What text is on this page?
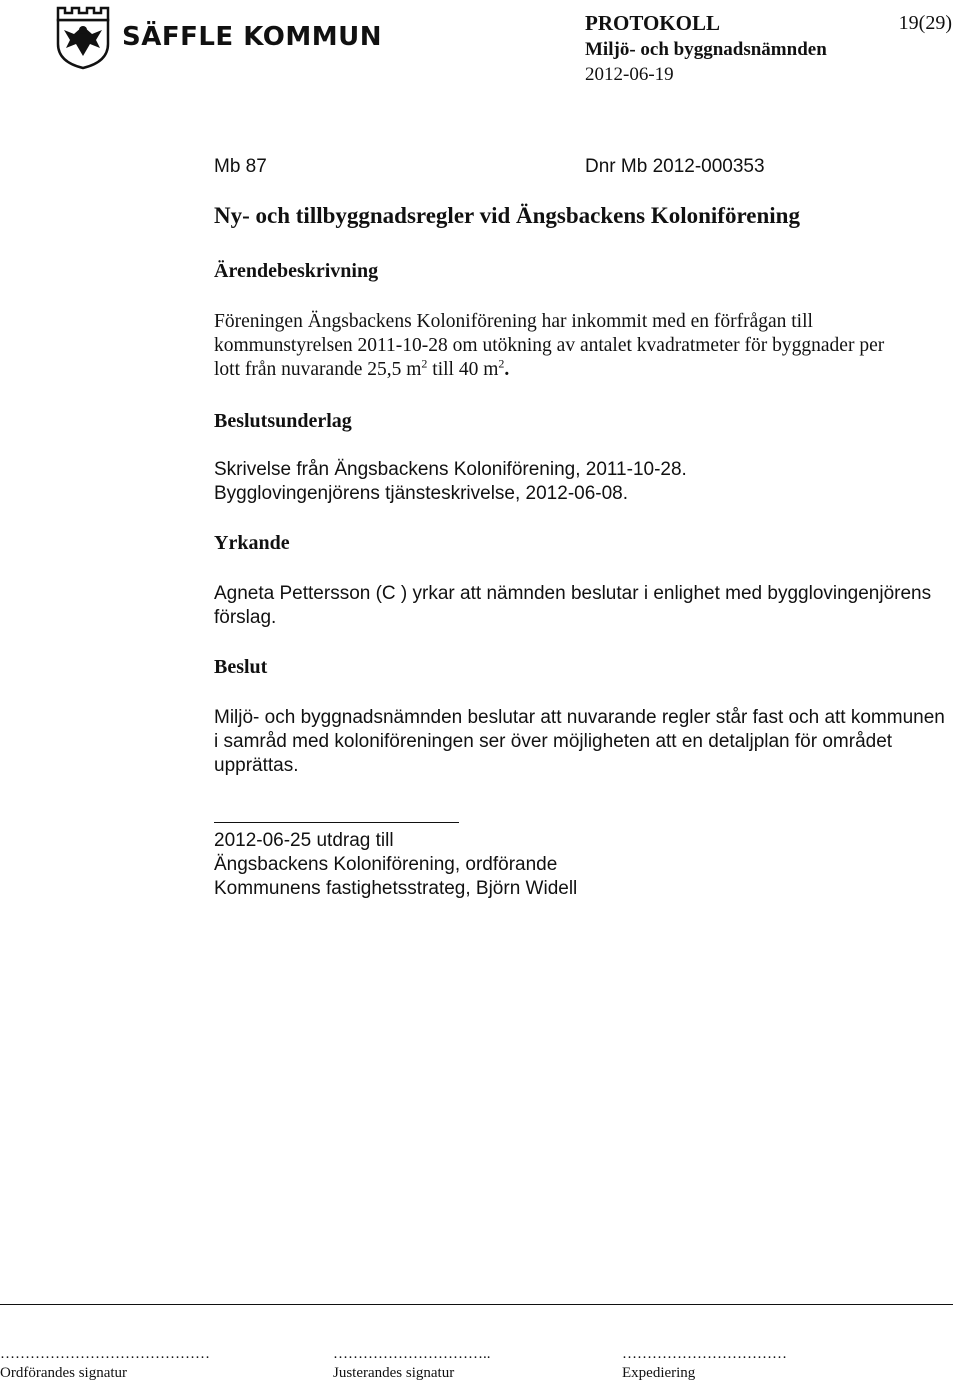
SÄFFLE KOMMUN	PROTOKOLL	19(29)
Miljö- och byggnadsnämnden
2012-06-19
Mb 87	Dnr Mb 2012-000353
Ny- och tillbyggnadsregler vid Ängsbackens Koloniförening
Ärendebeskrivning
Föreningen Ängsbackens Koloniförening har inkommit med en förfrågan till
kommunstyrelsen 2011-10-28 om utökning av antalet kvadratmeter för byggnader per
lott från nuvarande 25,5 $m^2$ till 40 $m^2$.
Beslutsunderlag
Skrivelse från Ängsbackens Koloniförening, 2011-10-28.
Bygglovingenjörens tjänsteskrivelse, 2012-06-08.
Yrkande
Agneta Pettersson (C ) yrkar att nämnden beslutar i enlighet med bygglovingenjörens
förslag.
Beslut
Miljö- och byggnadsnämnden beslutar att nuvarande regler står fast och att kommunen
i samråd med koloniföreningen ser över möjligheten att en detaljplan för området
upprättas.
2012-06-25 utdrag till
Ängsbackens Koloniförening, ordförande
Kommunens fastighetsstrateg, Björn Widell
……………………………………	…………………………..	……………………………
Ordförandes signatur	Justerandes signatur	Expediering
